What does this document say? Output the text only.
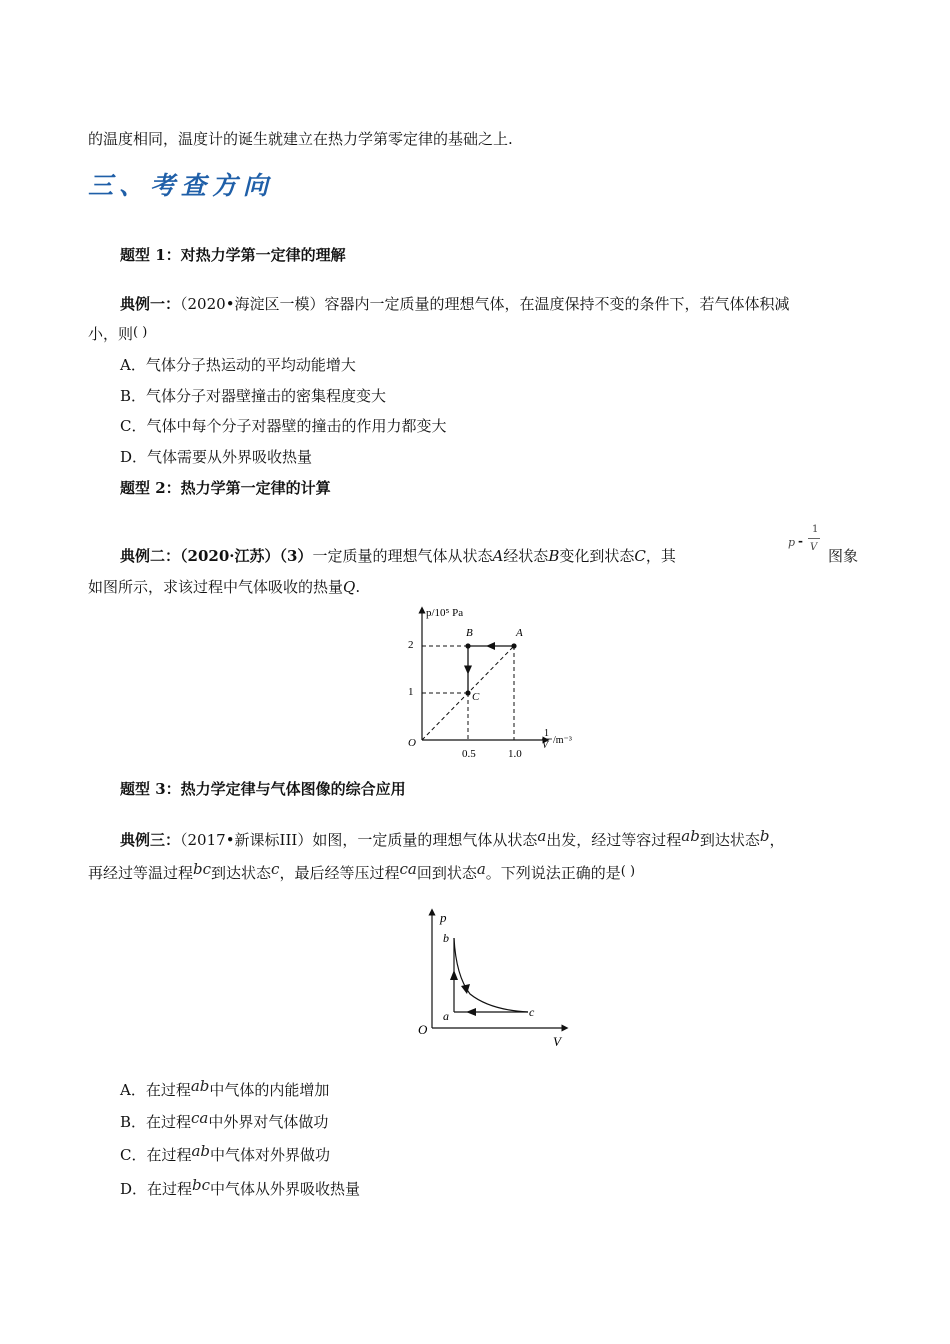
的温度相同，温度计的诞生就建立在热力学第零定律的基础之上.
三、考查方向
题型 1：对热力学第一定律的理解
典例一：（2020•海淀区一模）容器内一定质量的理想气体，在温度保持不变的条件下，若气体体积减
小，则( )
A．气体分子热运动的平均动能增大
B．气体分子对器壁撞击的密集程度变大
C．气体中每个分子对器壁的撞击的作用力都变大
D．气体需要从外界吸收热量
题型 2：热力学第一定律的计算
典例二：（2020·江苏）（3）一定质量的理想气体从状态A经状态B变化到状态C，其
p -
1
V 图象
如图所示，求该过程中气体吸收的热量Q.
p/10⁵ Pa
O
1
V /m⁻³
0.5	1.0
1
2
A
B
C
题型 3：热力学定律与气体图像的综合应用
典例三：（2017•新课标III）如图，一定质量的理想气体从状态a出发，经过等容过程ab到达状态b，
再经过等温过程bc到达状态c，最后经等压过程ca回到状态a。下列说法正确的是( )
p
V
O
b
a	c
A．在过程ab中气体的内能增加
B．在过程ca中外界对气体做功
C．在过程ab中气体对外界做功
D．在过程bc中气体从外界吸收热量
